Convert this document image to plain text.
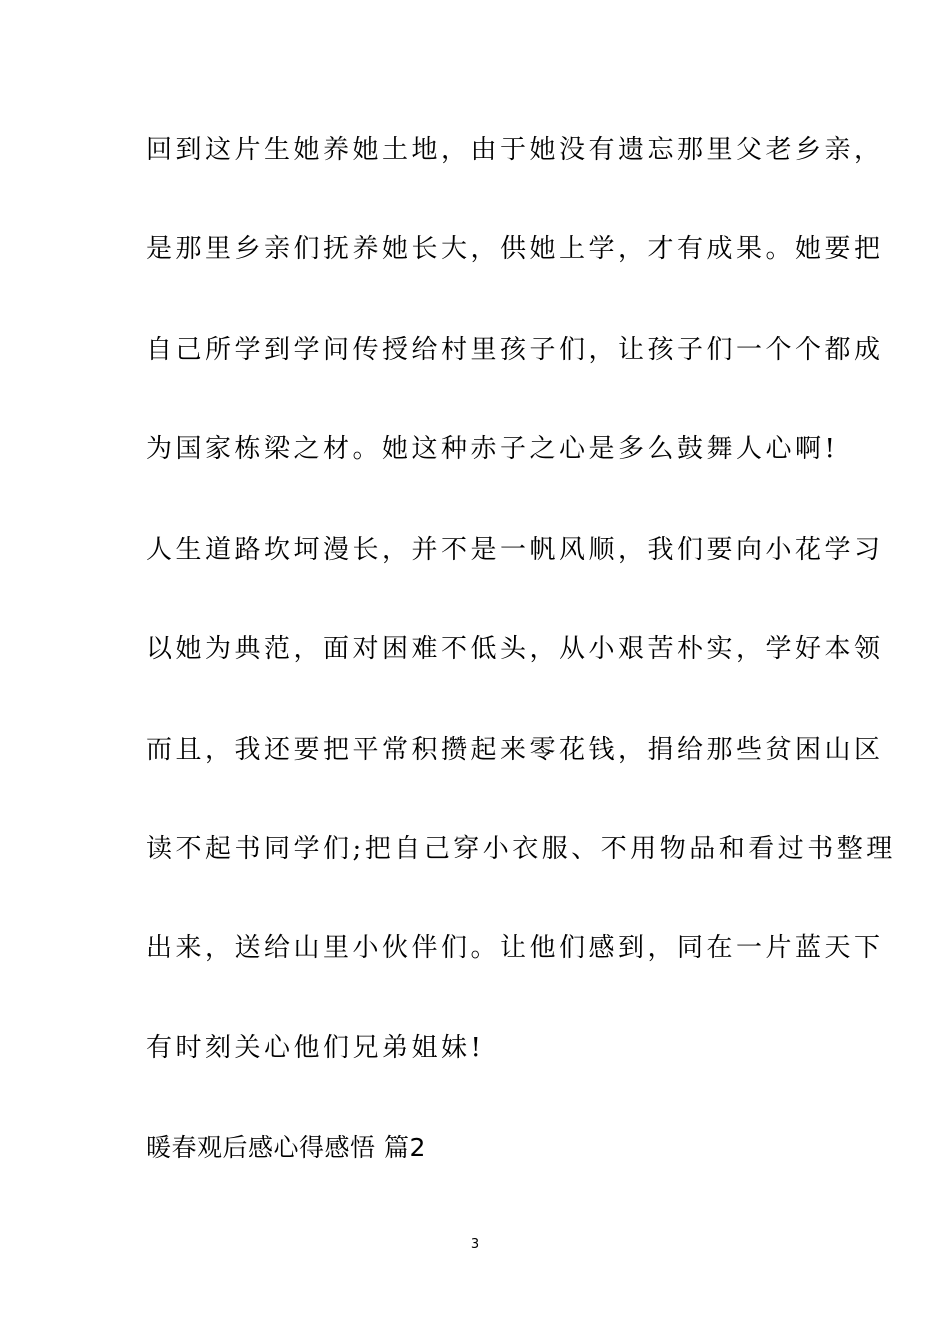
回到这片生她养她土地，由于她没有遗忘那里父老乡亲，
是那里乡亲们抚养她长大，供她上学，才有成果。她要把
自己所学到学问传授给村里孩子们，让孩子们一个个都成
为国家栋梁之材。她这种赤子之心是多么鼓舞人心啊!
人生道路坎坷漫长，并不是一帆风顺，我们要向小花学习
以她为典范，面对困难不低头，从小艰苦朴实，学好本领
而且，我还要把平常积攒起来零花钱，捐给那些贫困山区
读不起书同学们;把自己穿小衣服、不用物品和看过书整理
出来，送给山里小伙伴们。让他们感到，同在一片蓝天下
有时刻关心他们兄弟姐妹!
暖春观后感心得感悟 篇2
3
